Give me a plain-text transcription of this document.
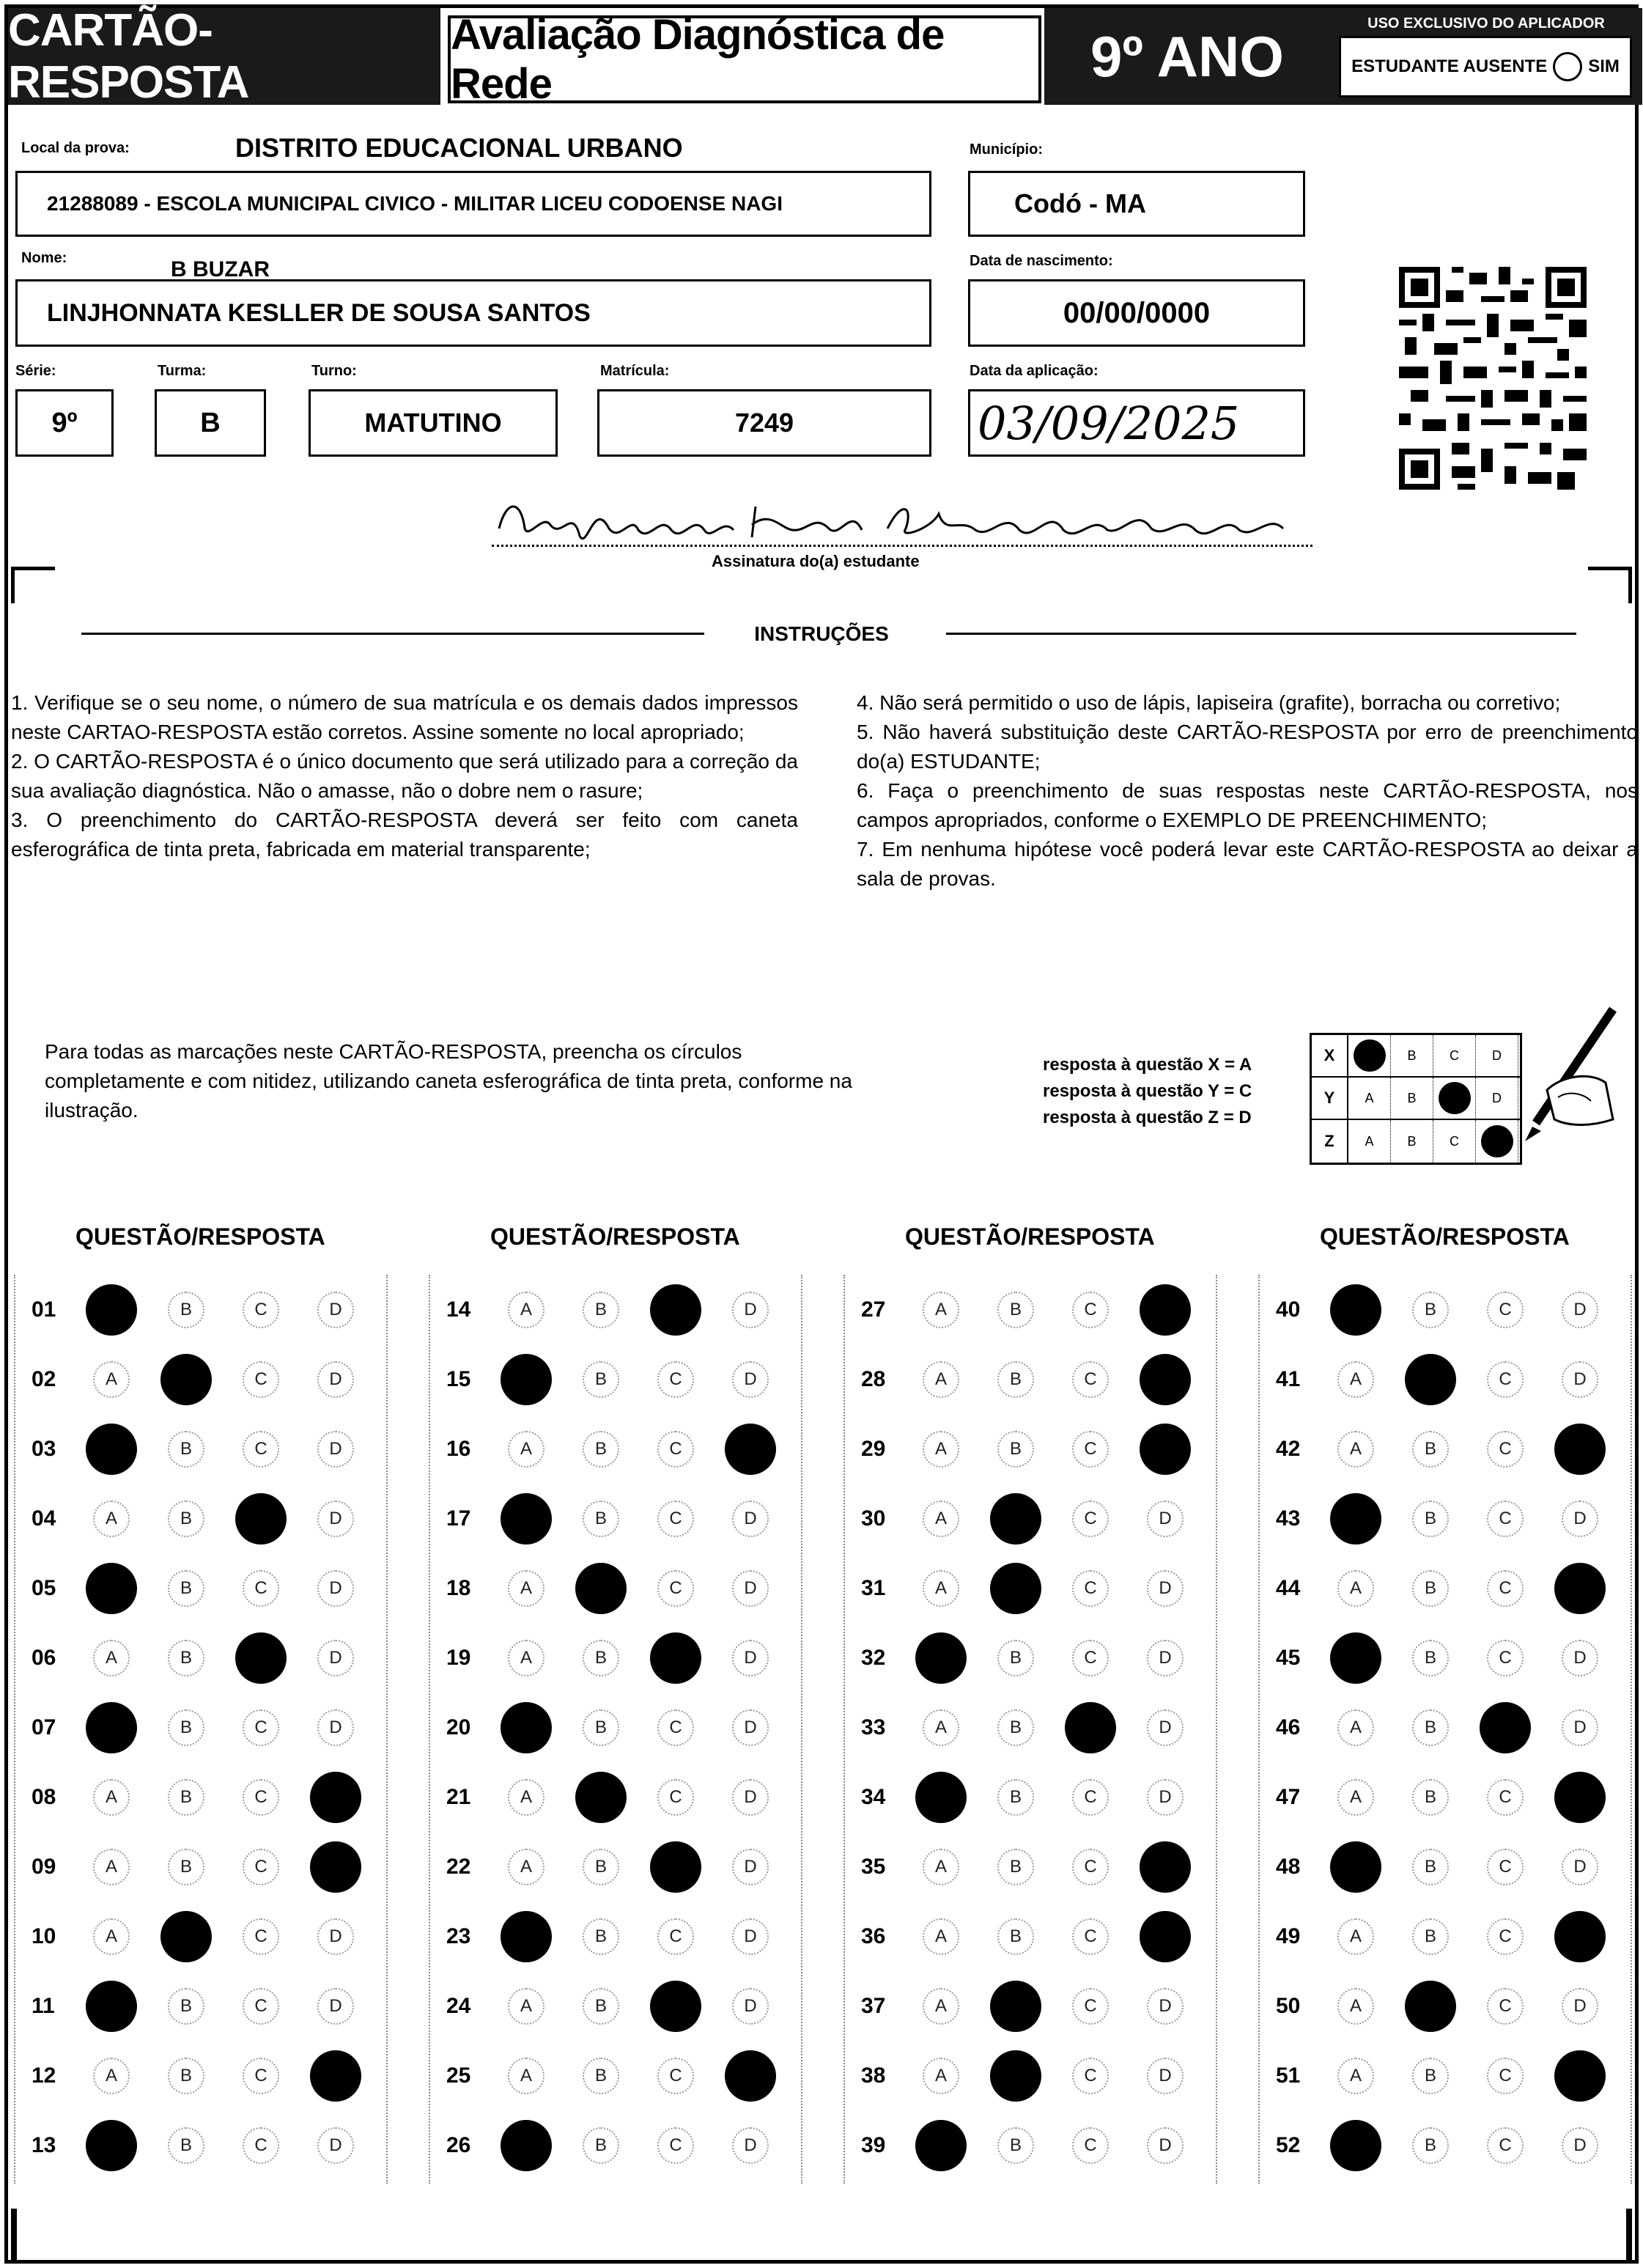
CARTÃO-RESPOSTA
Avaliação Diagnóstica de Rede	9º ANO
USO EXCLUSIVO DO APLICADOR
ESTUDANTE AUSENTE SIM
Local da prova:	DISTRITO EDUCACIONAL URBANO
21288089 - ESCOLA MUNICIPAL CIVICO - MILITAR LICEU CODOENSE NAGI
Município:
Codó - MA
Nome:	B BUZAR
LINJHONNATA KESLLER DE SOUSA SANTOS
Data de nascimento:
00/00/0000
Série:
9º
Turma:
B
Turno:
MATUTINO
Matrícula:
7249
Data da aplicação:
03/09/2025
Assinatura do(a) estudante
INSTRUÇÕES

1. Verifique se o seu nome, o número de sua matrícula e os demais dados impressos neste CARTAO-RESPOSTA estão corretos. Assine somente no local apropriado;

2. O CARTÃO-RESPOSTA é o único documento que será utilizado para a correção da sua avaliação diagnóstica. Não o amasse, não o dobre nem o rasure;

3. O preenchimento do CARTÃO-RESPOSTA deverá ser feito com caneta esferográfica de tinta preta, fabricada em material transparente;

4. Não será permitido o uso de lápis, lapiseira (grafite), borracha ou corretivo;

5. Não haverá substituição deste CARTÃO-RESPOSTA por erro de preenchimento do(a) ESTUDANTE;

6. Faça o preenchimento de suas respostas neste CARTÃO-RESPOSTA, nos campos apropriados, conforme o EXEMPLO DE PREENCHIMENTO;

7. Em nenhuma hipótese você poderá levar este CARTÃO-RESPOSTA ao deixar a sala de provas.

Para todas as marcações neste CARTÃO-RESPOSTA, preencha os círculos completamente e com nitidez, utilizando caneta esferográfica de tinta preta, conforme na ilustração.
resposta à questão X = A
resposta à questão Y = C
resposta à questão Z = D
X	B	C	D
Y	A	B	D
Z	A	B	C
QUESTÃO/RESPOSTA
01	B	C	D
02	A	C	D
03	B	C	D
04	A	B	D
05	B	C	D
06	A	B	D
07	B	C	D
08	A	B	C
09	A	B	C
10	A	C	D
11	B	C	D
12	A	B	C
13	B	C	D
QUESTÃO/RESPOSTA
14	A	B	D
15	B	C	D
16	A	B	C
17	B	C	D
18	A	C	D
19	A	B	D
20	B	C	D
21	A	C	D
22	A	B	D
23	B	C	D
24	A	B	D
25	A	B	C
26	B	C	D
QUESTÃO/RESPOSTA
27	A	B	C
28	A	B	C
29	A	B	C
30	A	C	D
31	A	C	D
32	B	C	D
33	A	B	D
34	B	C	D
35	A	B	C
36	A	B	C
37	A	C	D
38	A	C	D
39	B	C	D
QUESTÃO/RESPOSTA
40	B	C	D
41	A	C	D
42	A	B	C
43	B	C	D
44	A	B	C
45	B	C	D
46	A	B	D
47	A	B	C
48	B	C	D
49	A	B	C
50	A	C	D
51	A	B	C
52	B	C	D
